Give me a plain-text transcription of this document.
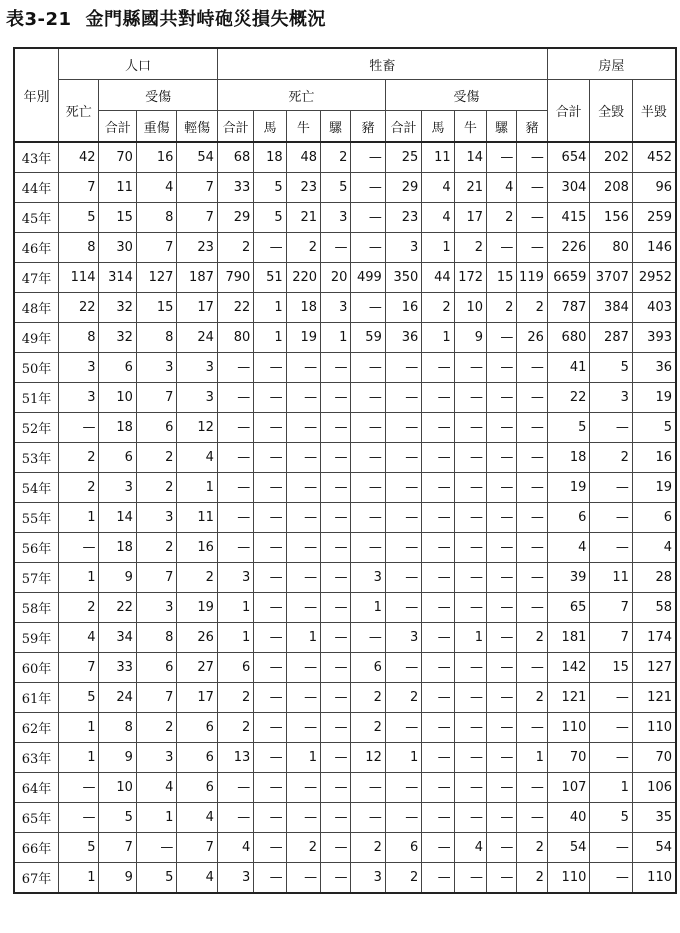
表3-21 金門縣國共對峙砲災損失概況
年別	人口				牲畜										房屋		
	死亡	受傷			死亡					受傷					合計	全毀	半毀
		合計	重傷	輕傷	合計	馬	牛	騾	豬	合計	馬	牛	騾	豬			
43年	42	70	16	54	68	18	48	2	—	25	11	14	—	—	654	202	452
44年	7	11	4	7	33	5	23	5	—	29	4	21	4	—	304	208	96
45年	5	15	8	7	29	5	21	3	—	23	4	17	2	—	415	156	259
46年	8	30	7	23	2	—	2	—	—	3	1	2	—	—	226	80	146
47年	114	314	127	187	790	51	220	20	499	350	44	172	15	119	6659	3707	2952
48年	22	32	15	17	22	1	18	3	—	16	2	10	2	2	787	384	403
49年	8	32	8	24	80	1	19	1	59	36	1	9	—	26	680	287	393
50年	3	6	3	3	—	—	—	—	—	—	—	—	—	—	41	5	36
51年	3	10	7	3	—	—	—	—	—	—	—	—	—	—	22	3	19
52年	—	18	6	12	—	—	—	—	—	—	—	—	—	—	5	—	5
53年	2	6	2	4	—	—	—	—	—	—	—	—	—	—	18	2	16
54年	2	3	2	1	—	—	—	—	—	—	—	—	—	—	19	—	19
55年	1	14	3	11	—	—	—	—	—	—	—	—	—	—	6	—	6
56年	—	18	2	16	—	—	—	—	—	—	—	—	—	—	4	—	4
57年	1	9	7	2	3	—	—	—	3	—	—	—	—	—	39	11	28
58年	2	22	3	19	1	—	—	—	1	—	—	—	—	—	65	7	58
59年	4	34	8	26	1	—	1	—	—	3	—	1	—	2	181	7	174
60年	7	33	6	27	6	—	—	—	6	—	—	—	—	—	142	15	127
61年	5	24	7	17	2	—	—	—	2	2	—	—	—	2	121	—	121
62年	1	8	2	6	2	—	—	—	2	—	—	—	—	—	110	—	110
63年	1	9	3	6	13	—	1	—	12	1	—	—	—	1	70	—	70
64年	—	10	4	6	—	—	—	—	—	—	—	—	—	—	107	1	106
65年	—	5	1	4	—	—	—	—	—	—	—	—	—	—	40	5	35
66年	5	7	—	7	4	—	2	—	2	6	—	4	—	2	54	—	54
67年	1	9	5	4	3	—	—	—	3	2	—	—	—	2	110	—	110
